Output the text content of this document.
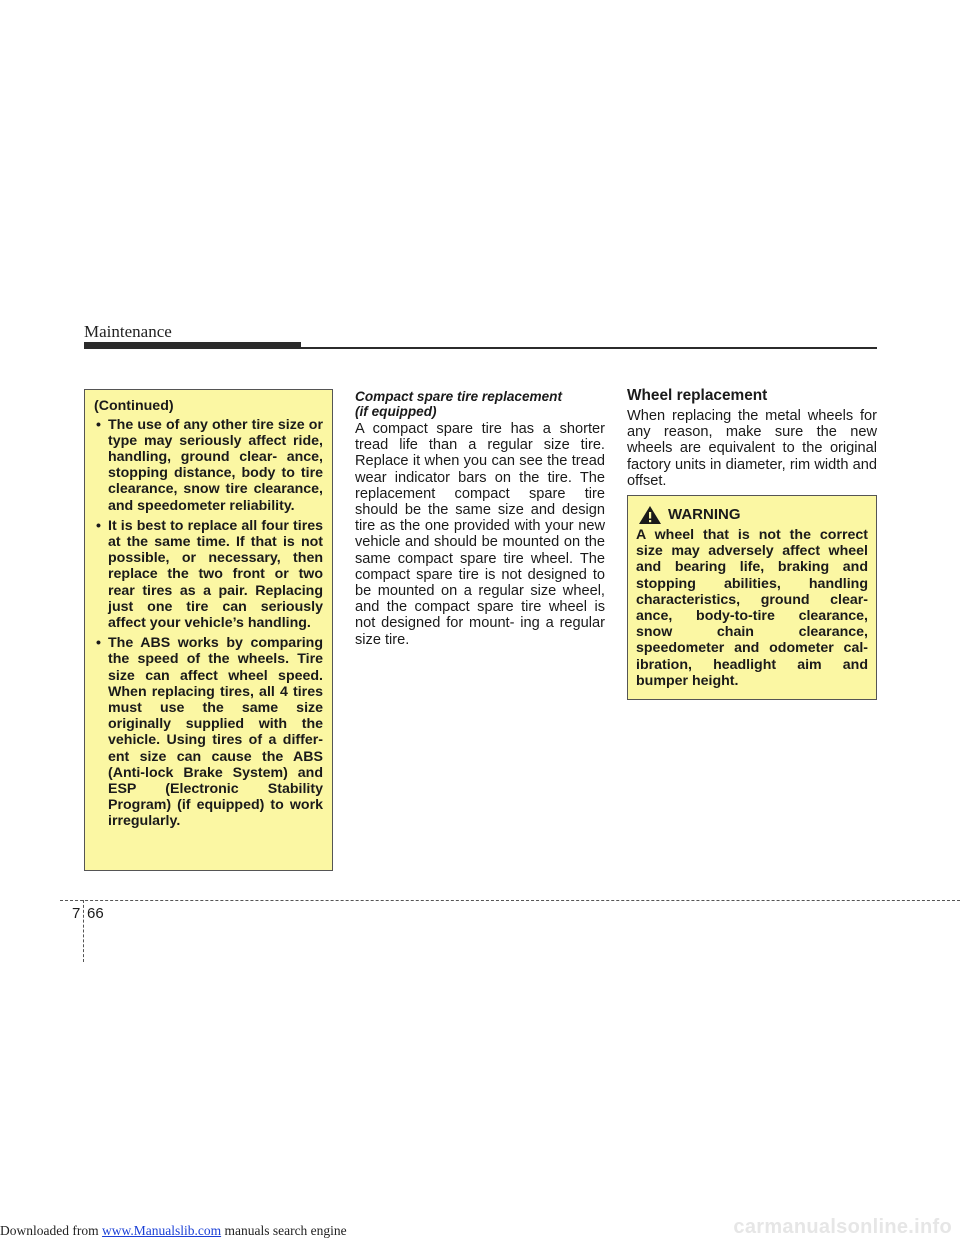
Maintenance
(Continued)
• The use of any other tire size or type may seriously affect ride, handling, ground clear- ance, stopping distance, body to tire clearance, snow tire clearance, and speedometer reliability.
• It is best to replace all four tires at the same time. If that is not possible, or necessary, then replace the two front or two rear tires as a pair. Replacing just one tire can seriously affect your vehicle’s handling.
• The ABS works by comparing the speed of the wheels. Tire size can affect wheel speed. When replacing tires, all 4 tires must use the same size originally supplied with the vehicle. Using tires of a differ- ent size can cause the ABS (Anti-lock Brake System) and ESP (Electronic Stability Program) (if equipped) to work irregularly.
Compact spare tire replacement
(if equipped)
A compact spare tire has a shorter tread life than a regular size tire. Replace it when you can see the tread wear indicator bars on the tire. The replacement compact spare tire should be the same size and design tire as the one provided with your new vehicle and should be mounted on the same compact spare tire wheel. The compact spare tire is not designed to be mounted on a regular size wheel, and the compact spare tire wheel is not designed for mount- ing a regular size tire.
Wheel replacement
When replacing the metal wheels for any reason, make sure the new wheels are equivalent to the original factory units in diameter, rim width and offset.
WARNING
A wheel that is not the correct size may adversely affect wheel and bearing life, braking and stopping abilities, handling characteristics, ground clear- ance, body-to-tire clearance, snow chain clearance, speedometer and odometer cal- ibration, headlight aim and bumper height.
7 66
Downloaded from www.Manualslib.com manuals search engine	carmanualsonline.info
